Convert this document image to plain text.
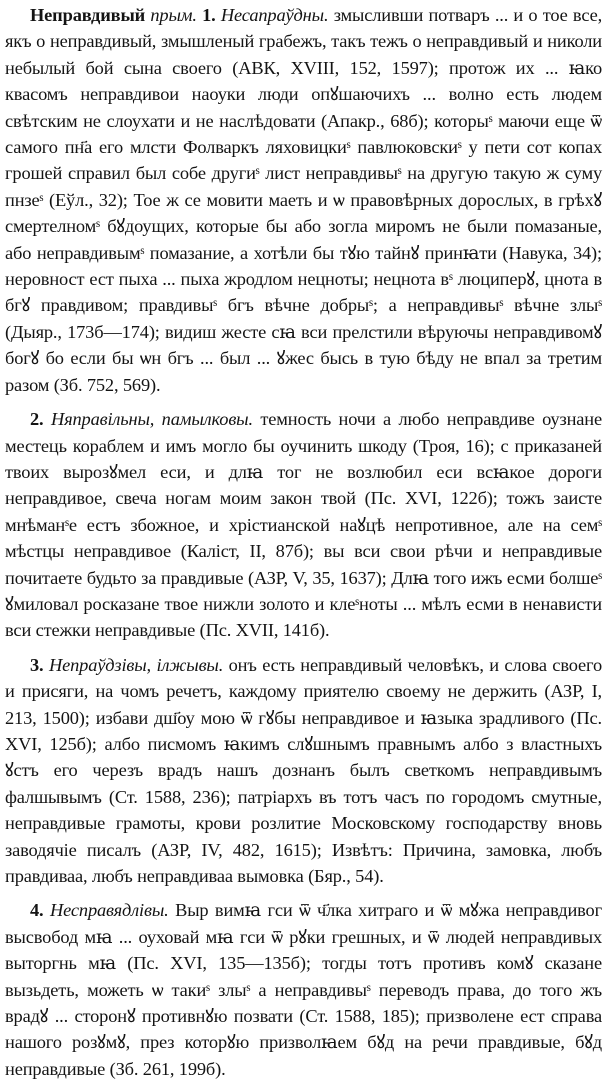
Неправдивый прым. 1. Несапраўдны. змысливши потваръ ... и о тое все, якъ о неправдивый, змышленый грабежъ, такъ тежъ о неправдивый и николи небылый бой сына своего (АВК, XVIII, 152, 1597); протож их ... ꙗко квасомъ неправдивои наоуки люди опꙋшаючихъ ... волно есть людем свѣтским не слоухати и не наслѣдовати (Апакр., 68б); которыˢ маючи еще ѿ самого пн҃а его млсти Фолваркъ ляховицкиˢ павлюковскиˢ у пети сот копах грошей справил был собе другиˢ лист неправдивыˢ на другую такую ж суму пнзеˢ (Еўл., 32); Тое ж се мовити маеть и ѡ правовѣрных дорослых, в грѣхꙋ смертелномˢ бꙋдоущих, которые бы або зогла миромъ не были помазаные, або неправдивымˢ помазание, а хотѣли бы тꙋю тайнꙋ принꙗти (Навука, 34); неровност ест пыха ... пыха жродлом нецноты; нецнота вˢ люциперꙋ, цнота в бгꙋ правдивом; правдивыˢ бгъ вѣчне добрыˢ; а неправдивыˢ вѣчне злыˢ (Дыяр., 173б—174); видиш жесте сꙗ вси прелстили вѣруючы неправдивомꙋ богꙋ бо если бы ѡн бгъ ... был ... ꙋжес бысь в тую бѣду не впал за третим разом (Зб. 752, 569).

2. Няправільны, памылковы. темность ночи а любо неправдиве оузнане местець кораблем и имъ могло бы оучинить шкоду (Троя, 16); с приказаней твоих вырозꙋмел еси, и длꙗ тог не возлюбил еси всꙗкое дороги неправдивое, свеча ногам моим закон твой (Пс. XVI, 122б); тожъ заисте мнѣманˢе естъ збожное, и хрістианской наꙋцѣ непротивное, але на семˢ мѣстцы неправдивое (Каліст, II, 87б); вы вси свои рѣчи и неправдивые почитаете будьто за правдивые (АЗР, V, 35, 1637); Длꙗ того ижъ есми болшеˢ ꙋмиловал росказане твое нижли золото и клеˢноты ... мѣлъ есми в ненависти вси стежки неправдивые (Пс. XVII, 141б).

3. Непраўдзівы, ілжывы. онъ есть неправдивый человѣкъ, и слова своего и присяги, на чомъ речетъ, каждому приятелю своему не держить (АЗР, I, 213, 1500); избави дш҃оу мою ѿ гꙋбы неправдивое и ꙗзыка зрадливого (Пс. XVI, 125б); албо писмомъ ꙗкимъ слꙋшнымъ правнымъ албо з властныхъ ꙋстъ его черезъ врадъ нашъ дознанъ былъ светкомъ неправдивымъ фалшывымъ (Ст. 1588, 236); патріархъ въ тотъ часъ по городомъ смутные, неправдивые грамоты, крови розлитие Московскому господарству вновь заводячіе писалъ (АЗР, IV, 482, 1615); Извѣтъ: Причина, замовка, любъ правдиваа, любъ неправдиваа вымовка (Бяр., 54).

4. Несправядлівы. Выр вимꙗ гси ѿ ч҃лка хитраго и ѿ мꙋжа неправдивог высвобод мꙗ ... оуховай мꙗ гси ѿ рꙋки грешных, и ѿ людей неправдивых выторгнь мꙗ (Пс. XVI, 135—135б); тогды тотъ противъ комꙋ сказане вызьдеть, можеть ѡ такиˢ злыˢ а неправдивыˢ переводъ права, до того жъ врадꙋ ... сторонꙋ противнꙋю позвати (Ст. 1588, 185); призволене ест справа нашого розꙋмꙋ, през которꙋю призволꙗем бꙋд на речи правдивые, бꙋд неправдивые (Зб. 261, 199б).
